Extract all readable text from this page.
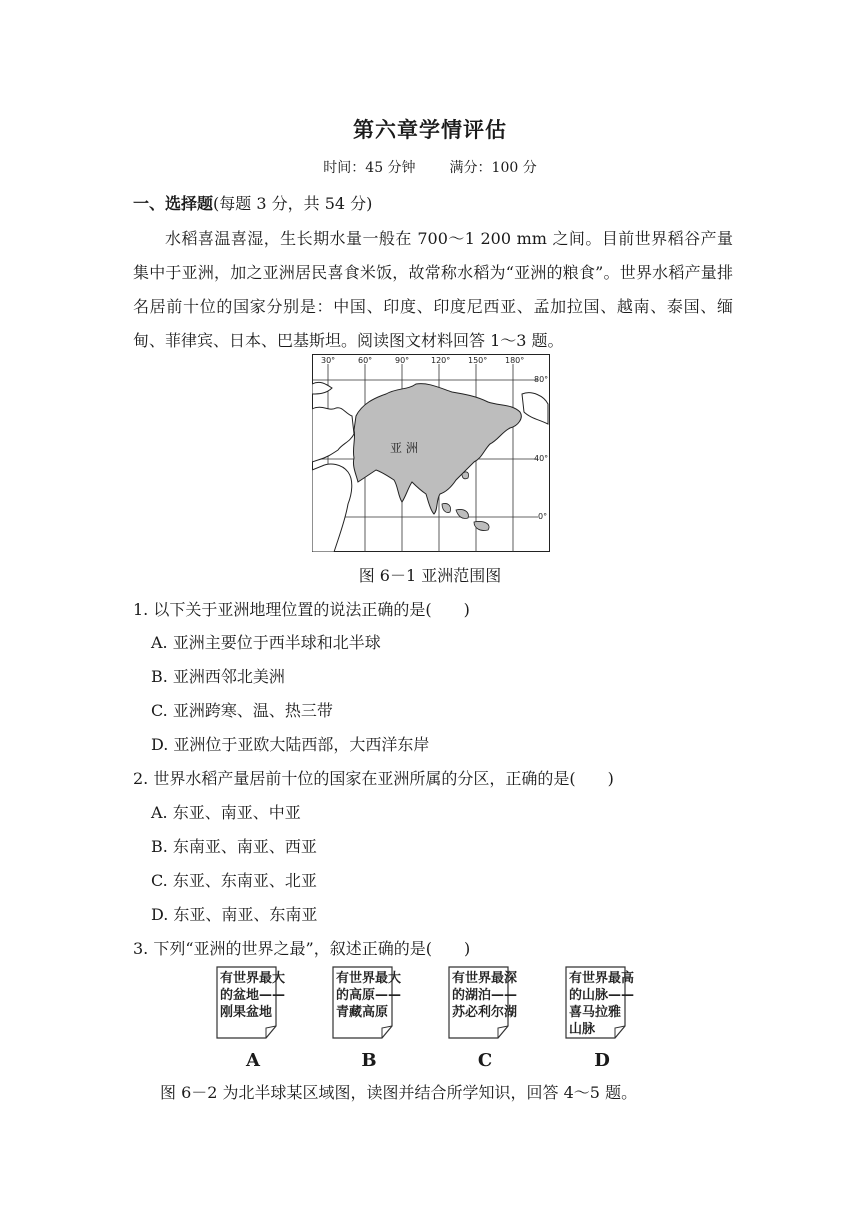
第六章学情评估
时间：45 分钟 满分：100 分
一、选择题(每题 3 分，共 54 分)
水稻喜温喜湿，生长期水量一般在 700～1 200 mm 之间。目前世界稻谷产量集中于亚洲，加之亚洲居民喜食米饭，故常称水稻为“亚洲的粮食”。世界水稻产量排名居前十位的国家分别是：中国、印度、印度尼西亚、孟加拉国、越南、泰国、缅甸、菲律宾、日本、巴基斯坦。阅读图文材料回答 1～3 题。
30°	60°	90°	120° 150° 180°
80°
40°
0°
亚 洲
图 6－1 亚洲范围图
1. 以下关于亚洲地理位置的说法正确的是(　　)
A. 亚洲主要位于西半球和北半球
B. 亚洲西邻北美洲
C. 亚洲跨寒、温、热三带
D. 亚洲位于亚欧大陆西部，大西洋东岸
2. 世界水稻产量居前十位的国家在亚洲所属的分区，正确的是(　　)
A. 东亚、南亚、中亚
B. 东南亚、南亚、西亚
C. 东亚、东南亚、北亚
D. 东亚、南亚、东南亚
3. 下列“亚洲的世界之最”，叙述正确的是(　　)
有世界最大
的盆地——
刚果盆地
有世界最大
的高原——
青藏高原
有世界最深
的湖泊——
苏必利尔湖
有世界最高
的山脉——
喜马拉雅
山脉
A	B	C	D
图 6－2 为北半球某区域图，读图并结合所学知识，回答 4～5 题。
